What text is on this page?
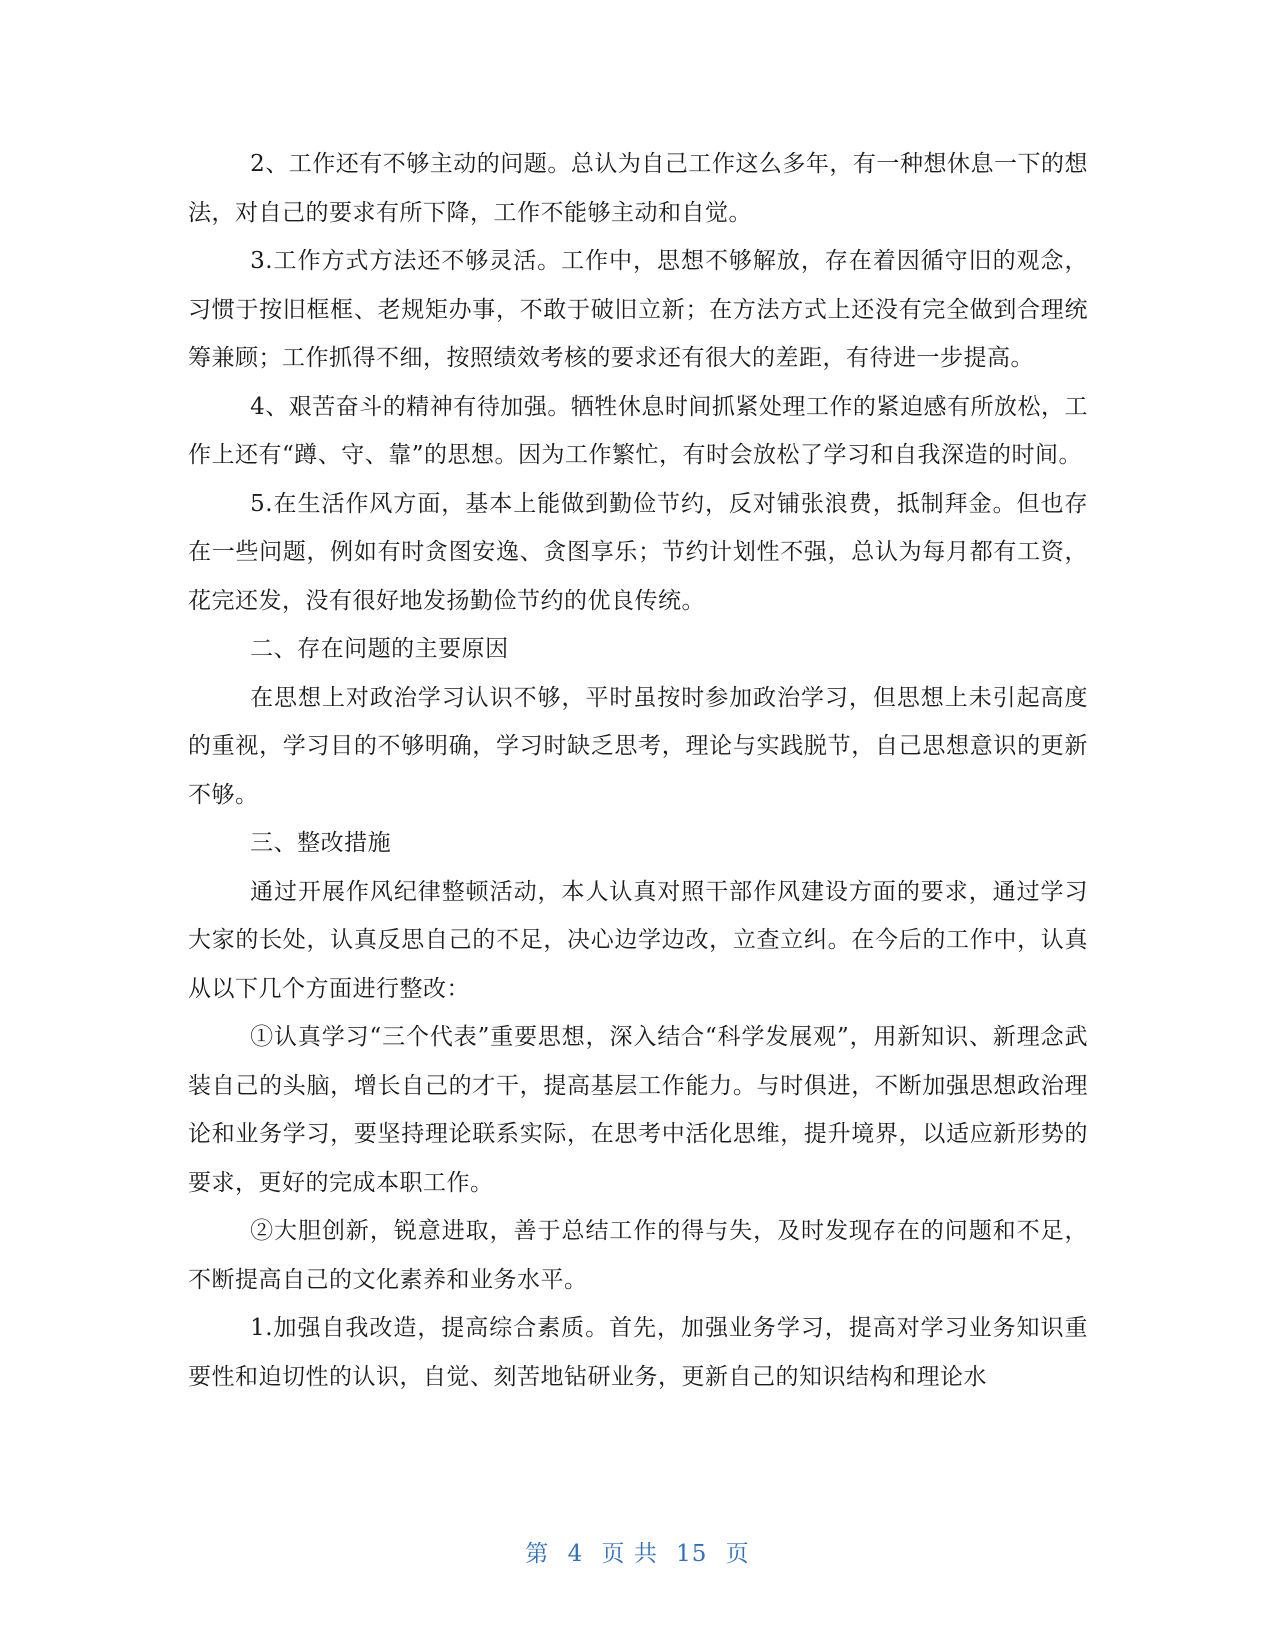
2、工作还有不够主动的问题。总认为自己工作这么多年，有一种想休息一下的想法，对自己的要求有所下降，工作不能够主动和自觉。

3.工作方式方法还不够灵活。工作中，思想不够解放，存在着因循守旧的观念，习惯于按旧框框、老规矩办事，不敢于破旧立新；在方法方式上还没有完全做到合理统筹兼顾；工作抓得不细，按照绩效考核的要求还有很大的差距，有待进一步提高。

4、艰苦奋斗的精神有待加强。牺牲休息时间抓紧处理工作的紧迫感有所放松，工作上还有“蹲、守、靠”的思想。因为工作繁忙，有时会放松了学习和自我深造的时间。

5.在生活作风方面，基本上能做到勤俭节约，反对铺张浪费，抵制拜金。但也存在一些问题，例如有时贪图安逸、贪图享乐；节约计划性不强，总认为每月都有工资，花完还发，没有很好地发扬勤俭节约的优良传统。

二、存在问题的主要原因

在思想上对政治学习认识不够，平时虽按时参加政治学习，但思想上未引起高度的重视，学习目的不够明确，学习时缺乏思考，理论与实践脱节，自己思想意识的更新不够。

三、整改措施

通过开展作风纪律整顿活动，本人认真对照干部作风建设方面的要求，通过学习大家的长处，认真反思自己的不足，决心边学边改，立查立纠。在今后的工作中，认真从以下几个方面进行整改：

①认真学习“三个代表”重要思想，深入结合“科学发展观”，用新知识、新理念武装自己的头脑，增长自己的才干，提高基层工作能力。与时俱进，不断加强思想政治理论和业务学习，要坚持理论联系实际，在思考中活化思维，提升境界，以适应新形势的要求，更好的完成本职工作。

②大胆创新，锐意进取，善于总结工作的得与失，及时发现存在的问题和不足，不断提高自己的文化素养和业务水平。

1.加强自我改造，提高综合素质。首先，加强业务学习，提高对学习业务知识重要性和迫切性的认识，自觉、刻苦地钻研业务，更新自己的知识结构和理论水

第 4 页 共 15 页
